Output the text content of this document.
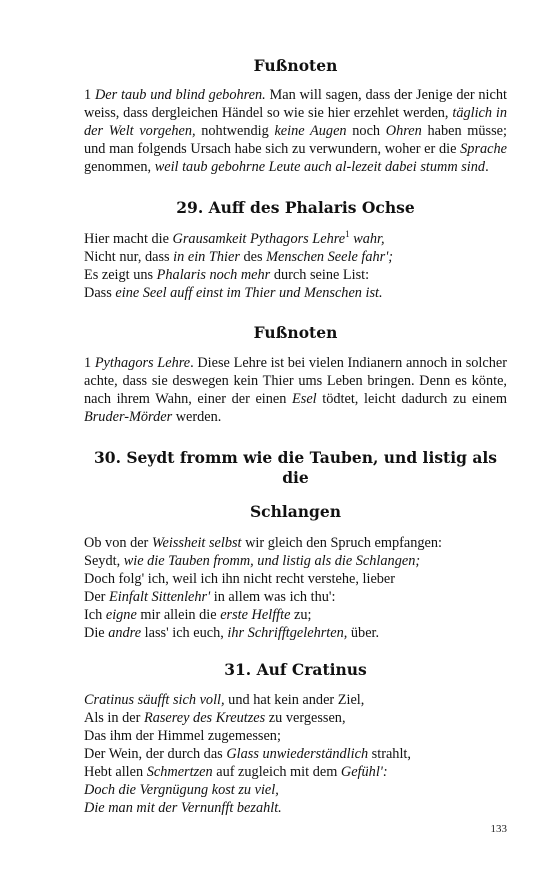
Fußnoten

1 Der taub und blind gebohren. Man will sagen, dass der Jenige der nicht weiss, dass dergleichen Händel so wie sie hier erzehlet werden, täglich in der Welt vorgehen, nohtwendig keine Augen noch Ohren haben müsse; und man folgends Ursach habe sich zu verwundern, woher er die Sprache genommen, weil taub gebohrne Leute auch al-lezeit dabei stumm sind.

29. Auff des Phalaris Ochse
Hier macht die Grausamkeit Pythagors Lehre$^1$ wahr,
Nicht nur, dass in ein Thier des Menschen Seele fahr';
Es zeigt uns Phalaris noch mehr durch seine List:
Dass eine Seel auff einst im Thier und Menschen ist.
Fußnoten

1 Pythagors Lehre. Diese Lehre ist bei vielen Indianern annoch in solcher achte, dass sie deswegen kein Thier ums Leben bringen. Denn es könte, nach ihrem Wahn, einer der einen Esel tödtet, leicht dadurch zu einem Bruder-Mörder werden.

30. Seydt fromm wie die Tauben, und listig als die
Schlangen
Ob von der Weissheit selbst wir gleich den Spruch empfangen:
Seydt, wie die Tauben fromm, und listig als die Schlangen;
Doch folg' ich, weil ich ihn nicht recht verstehe, lieber
Der Einfalt Sittenlehr' in allem was ich thu':
Ich eigne mir allein die erste Helffte zu;
Die andre lass' ich euch, ihr Schrifftgelehrten, über.
31. Auf Cratinus
Cratinus säufft sich voll, und hat kein ander Ziel,
Als in der Raserey des Kreutzes zu vergessen,
Das ihm der Himmel zugemessen;
Der Wein, der durch das Glass unwiederständlich strahlt,
Hebt allen Schmertzen auf zugleich mit dem Gefühl':
Doch die Vergnügung kost zu viel,
Die man mit der Vernunfft bezahlt.
133
